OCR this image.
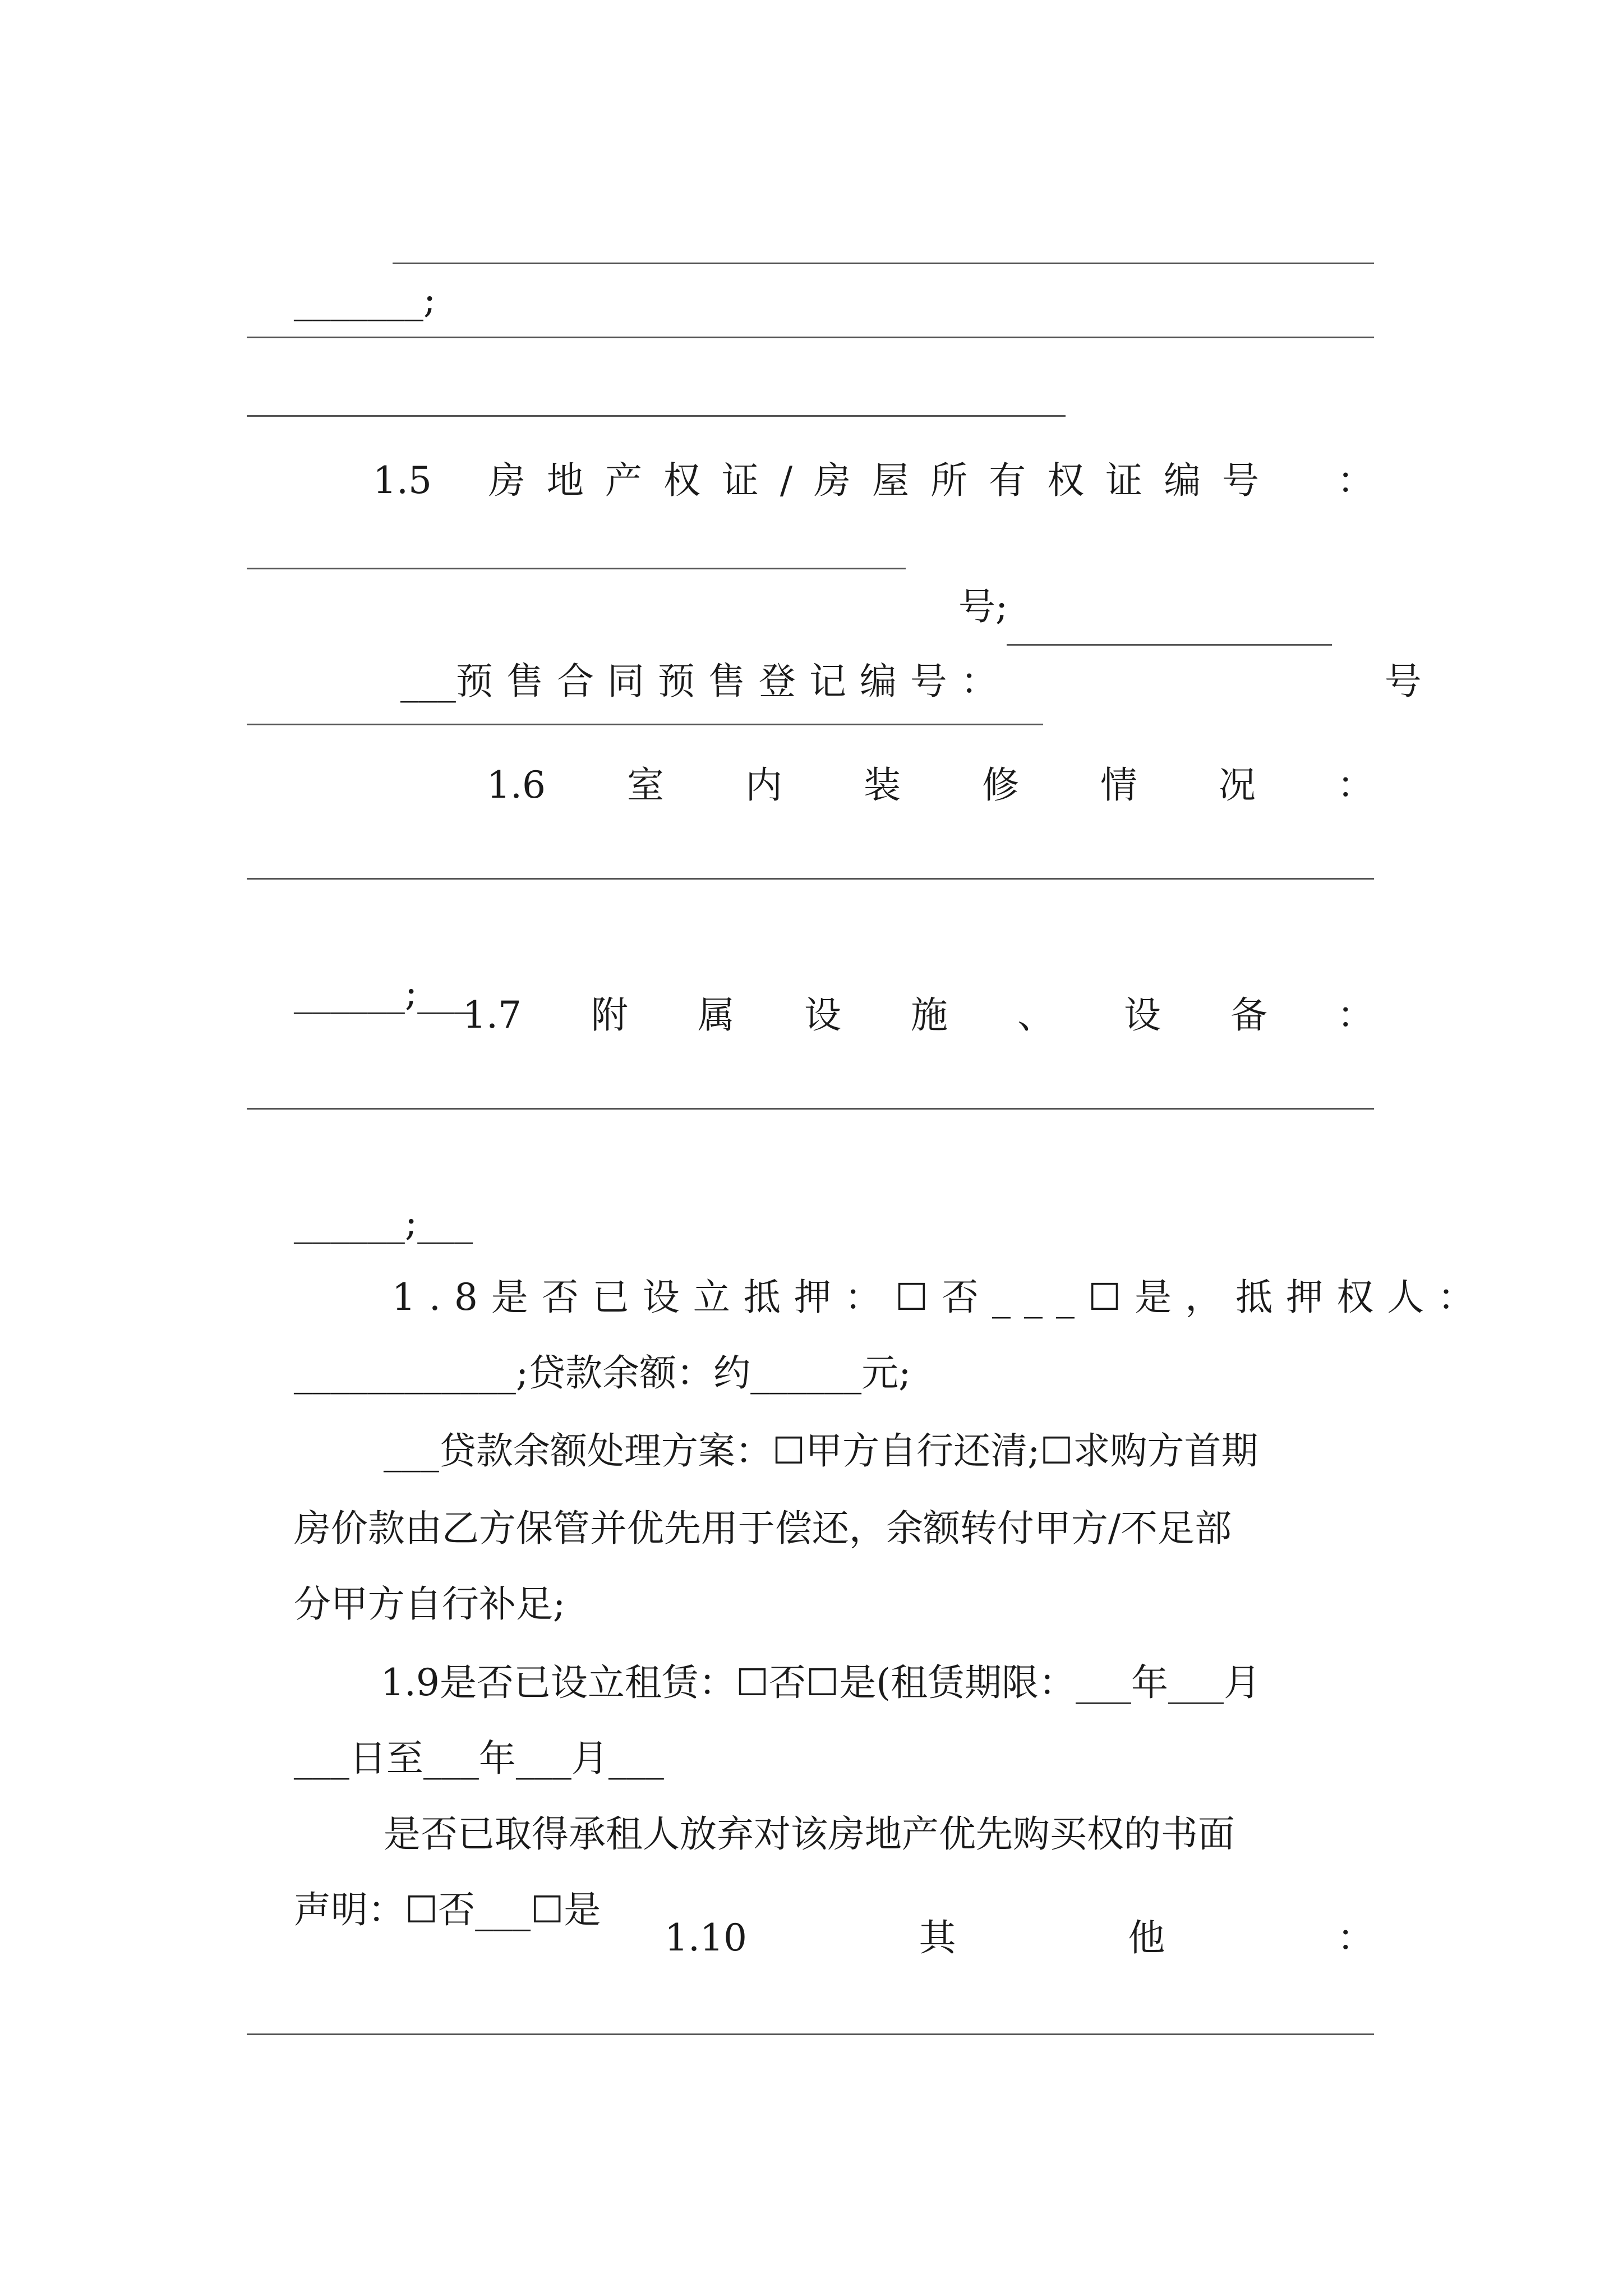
_______;

1.5 房地产权证/房屋所有权证编号 ：

号;

___预售合同预售登记编号：
	号

1.6 室 内 装 修 情 况 ：

______;___

1.7 附 属 设 施 、 设 备 ：

______;___

1.8是否已设立抵押：☐否___☐是，抵押权人：

____________;贷款余额：约______元;

___贷款余额处理方案：☐甲方自行还清;☐求购方首期

房价款由乙方保管并优先用于偿还，余额转付甲方/不足部

分甲方自行补足;

1.9是否已设立租赁：☐否☐是(租赁期限：___年___月

___日至___年___月___

是否已取得承租人放弃对该房地产优先购买权的书面

声明：☐否___☐是

1.10	其	他	：
